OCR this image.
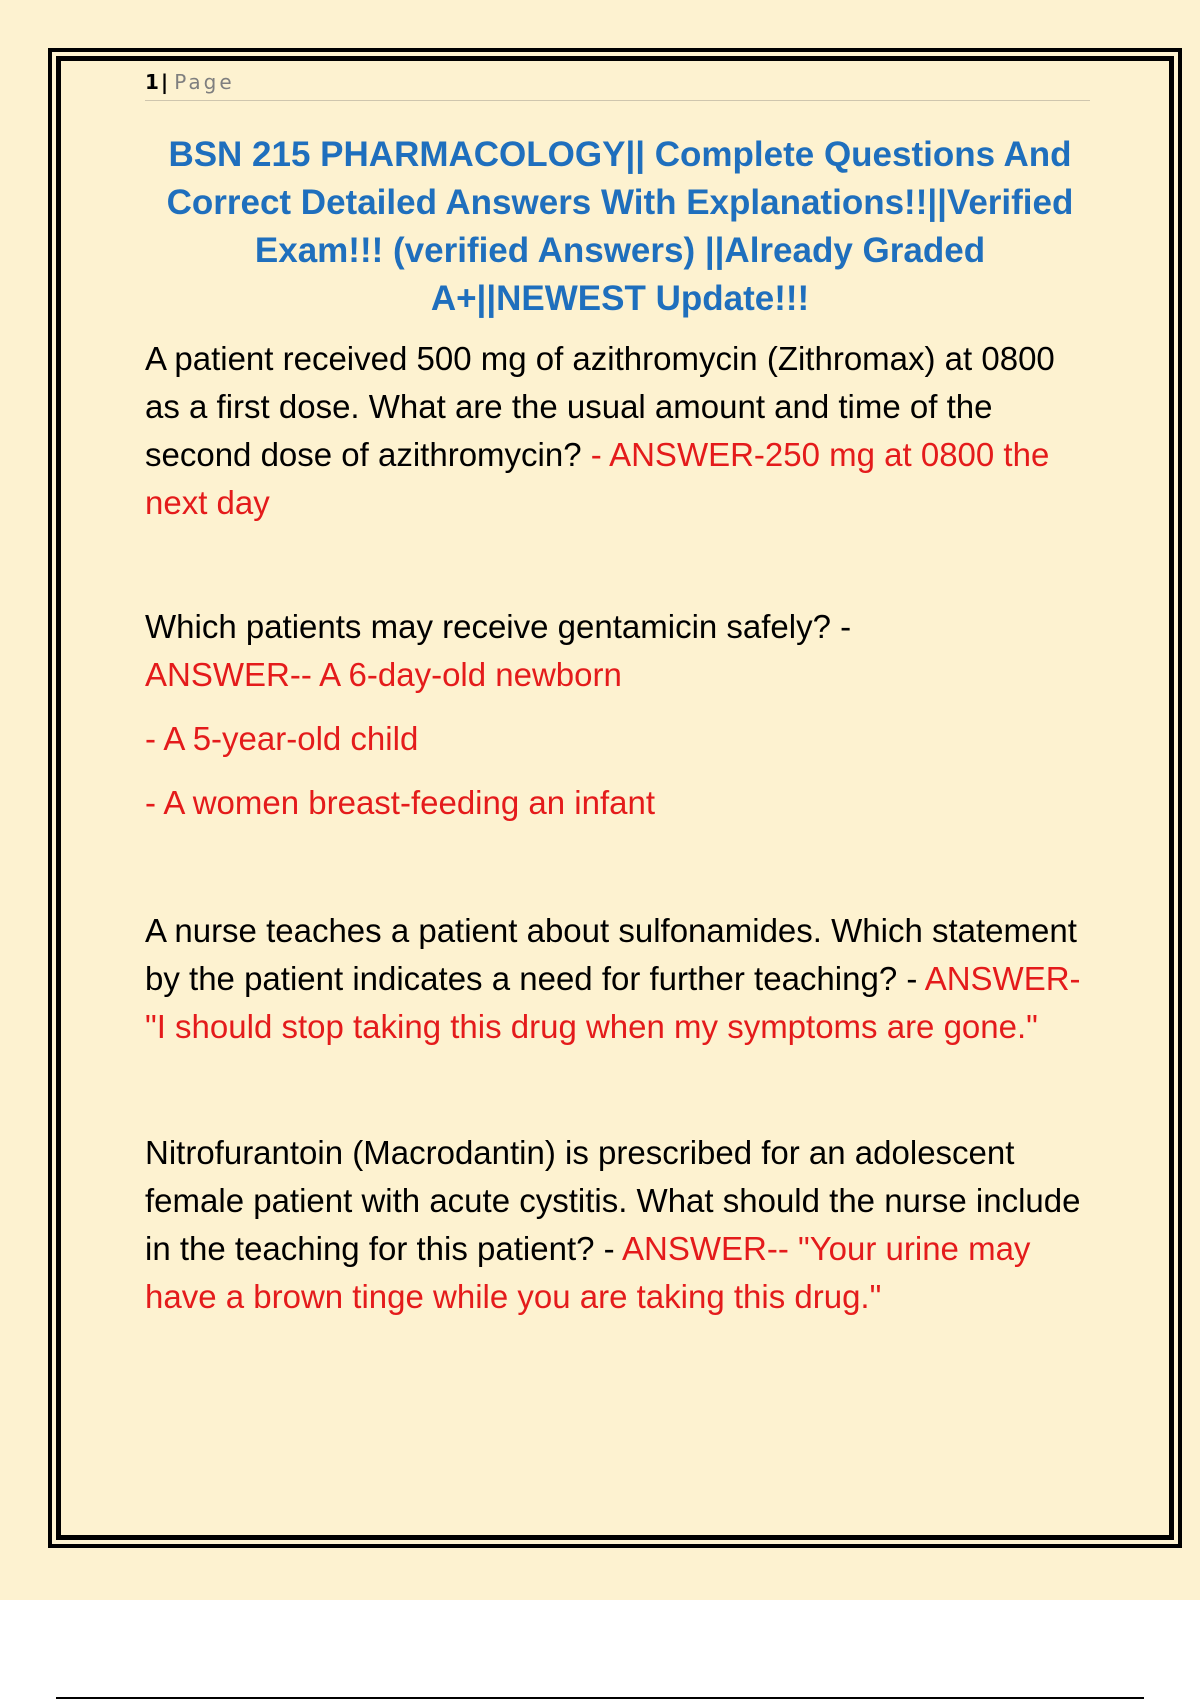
1| Page
BSN 215 PHARMACOLOGY|| Complete Questions And Correct Detailed Answers With Explanations!!||Verified Exam!!! (verified Answers) ||Already Graded A+||NEWEST Update!!!

A patient received 500 mg of azithromycin (Zithromax) at 0800 as a first dose. What are the usual amount and time of the second dose of azithromycin? - ANSWER-250 mg at 0800 the next day

Which patients may receive gentamicin safely? -
ANSWER-- A 6-day-old newborn

- A 5-year-old child

- A women breast-feeding an infant

A nurse teaches a patient about sulfonamides. Which statement by the patient indicates a need for further teaching? - ANSWER-"I should stop taking this drug when my symptoms are gone."

Nitrofurantoin (Macrodantin) is prescribed for an adolescent female patient with acute cystitis. What should the nurse include in the teaching for this patient? - ANSWER-- "Your urine may have a brown tinge while you are taking this drug."
